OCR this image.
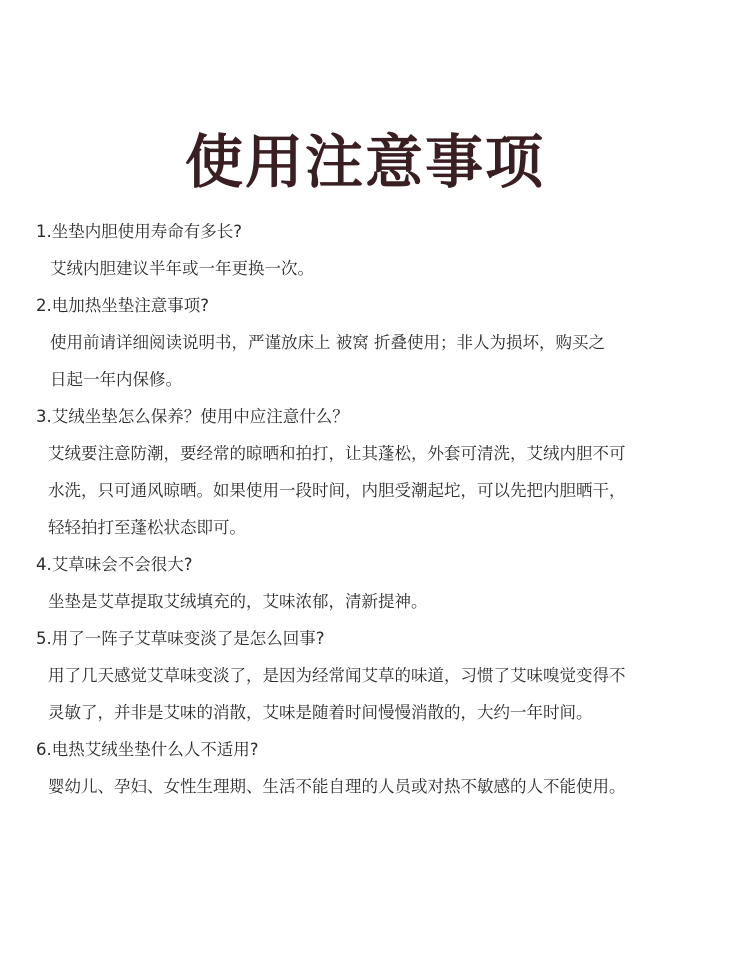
使用注意事项
1.坐垫内胆使用寿命有多长?
艾绒内胆建议半年或一年更换一次。
2.电加热坐垫注意事项?
使用前请详细阅读说明书，严谨放床上 被窝 折叠使用；非人为损坏，购买之
日起一年内保修。
3.艾绒坐垫怎么保养？使用中应注意什么？
艾绒要注意防潮，要经常的晾晒和拍打，让其蓬松，外套可清洗，艾绒内胆不可
水洗，只可通风晾晒。如果使用一段时间，内胆受潮起坨，可以先把内胆晒干，
轻轻拍打至蓬松状态即可。
4.艾草味会不会很大?
坐垫是艾草提取艾绒填充的，艾味浓郁，清新提神。
5.用了一阵子艾草味变淡了是怎么回事?
用了几天感觉艾草味变淡了，是因为经常闻艾草的味道，习惯了艾味嗅觉变得不
灵敏了，并非是艾味的消散，艾味是随着时间慢慢消散的，大约一年时间。
6.电热艾绒坐垫什么人不适用?
婴幼儿、孕妇、女性生理期、生活不能自理的人员或对热不敏感的人不能使用。
